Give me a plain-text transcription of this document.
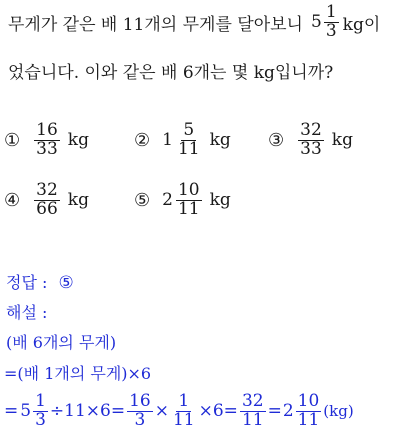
무게가 같은 배 11개의 무게를 달아보니 $5 \frac{1}{3}$ kg이
었습니다. 이와 같은 배 6개는 몇 kg입니까?
① $\frac{16}{33}$ kg	② $1 \frac{5}{11}$ kg ③ $\frac{32}{33}$ kg
④ $\frac{32}{66}$ kg	⑤ $2 \frac{10}{11}$ kg
정답 : ⑤
해설 :
(배 6개의 무게)
=(배 1개의 무게)×6
= $5 \frac{1}{3} \div 11\times 6= \frac{16}{3} \times \frac{1}{11} \times 6= \frac{32}{11} = 2 \frac{10}{11} (kg)$
